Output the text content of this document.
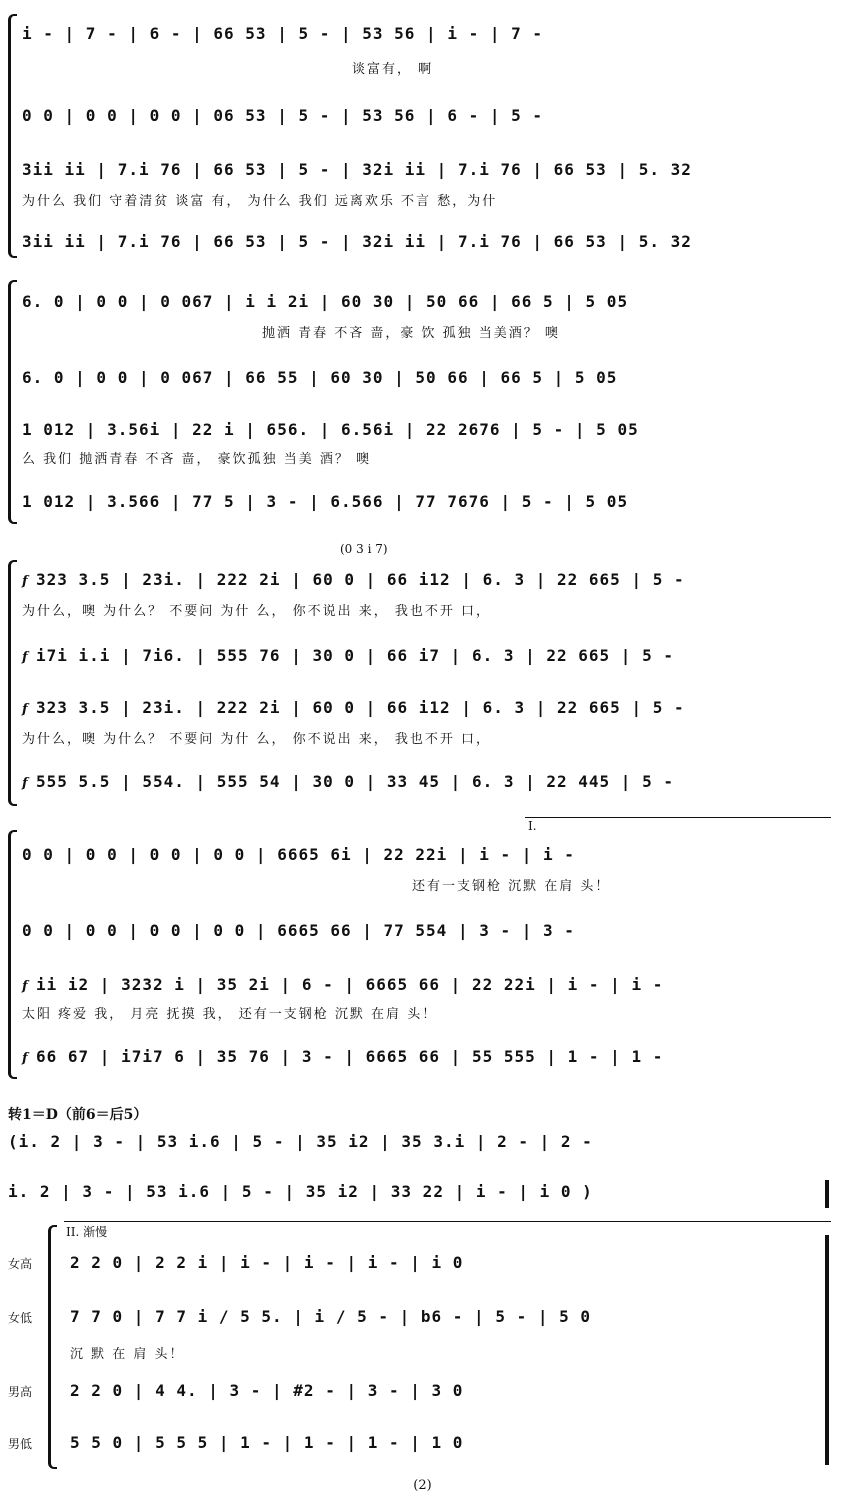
i - | 7 - | 6 - | 66 53 | 5 - | 53 56 | i - | 7 -
谈富有， 啊
0 0 | 0 0 | 0 0 | 06 53 | 5 - | 53 56 | 6 - | 5 -
3ii ii | 7.i 76 | 66 53 | 5 - | 32i ii | 7.i 76 | 66 53 | 5. 32
为什么 我们 守着清贫 谈富 有， 为什么 我们 远离欢乐 不言 愁，为什
3ii ii | 7.i 76 | 66 53 | 5 - | 32i ii | 7.i 76 | 66 53 | 5. 32
6. 0 | 0 0 | 0 067 | i i 2i | 60 30 | 50 66 | 66 5 | 5 05
抛洒 青春 不吝 啬，豪 饮 孤独 当美酒？ 噢
6. 0 | 0 0 | 0 067 | 66 55 | 60 30 | 50 66 | 66 5 | 5 05
1 012 | 3.56i | 22 i | 656. | 6.56i | 22 2676 | 5 - | 5 05
么 我们 抛洒青春 不吝 啬， 豪饮孤独 当美 酒？ 噢
1 012 | 3.566 | 77 5 | 3 - | 6.566 | 77 7676 | 5 - | 5 05
(0 3 i 7)
f 323 3.5 | 23i. | 222 2i | 60 0 | 66 i12 | 6. 3 | 22 665 | 5 -
为什么，噢 为什么？ 不要问 为什 么， 你不说出 来， 我也不开 口，
f i7i i.i | 7i6. | 555 76 | 30 0 | 66 i7 | 6. 3 | 22 665 | 5 -
f 323 3.5 | 23i. | 222 2i | 60 0 | 66 i12 | 6. 3 | 22 665 | 5 -
为什么，噢 为什么？ 不要问 为什 么， 你不说出 来， 我也不开 口，
f 555 5.5 | 554. | 555 54 | 30 0 | 33 45 | 6. 3 | 22 445 | 5 -
I.
0 0 | 0 0 | 0 0 | 0 0 | 6665 6i | 22 22i | i - | i -
还有一支钢枪 沉默 在肩 头！
0 0 | 0 0 | 0 0 | 0 0 | 6665 66 | 77 554 | 3 - | 3 -
f ii i2 | 3232 i | 35 2i | 6 - | 6665 66 | 22 22i | i - | i -
太阳 疼爱 我， 月亮 抚摸 我， 还有一支钢枪 沉默 在肩 头！
f 66 67 | i7i7 6 | 35 76 | 3 - | 6665 66 | 55 555 | 1 - | 1 -
转1＝D（前6＝后5）
(i. 2 | 3 - | 53 i.6 | 5 - | 35 i2 | 35 3.i | 2 - | 2 -
i. 2 | 3 - | 53 i.6 | 5 - | 35 i2 | 33 22 | i - | i 0 )
II. 渐慢
女高 2 2 0 | 2 2 i | i - | i - | i - | i 0
女低 7 7 0 | 7 7 i / 5 5. | i / 5 - | b6 - | 5 - | 5 0
沉 默 在 肩 头！
男高 2 2 0 | 4 4. | 3 - | #2 - | 3 - | 3 0
男低 5 5 0 | 5 5 5 | 1 - | 1 - | 1 - | 1 0
(2)
